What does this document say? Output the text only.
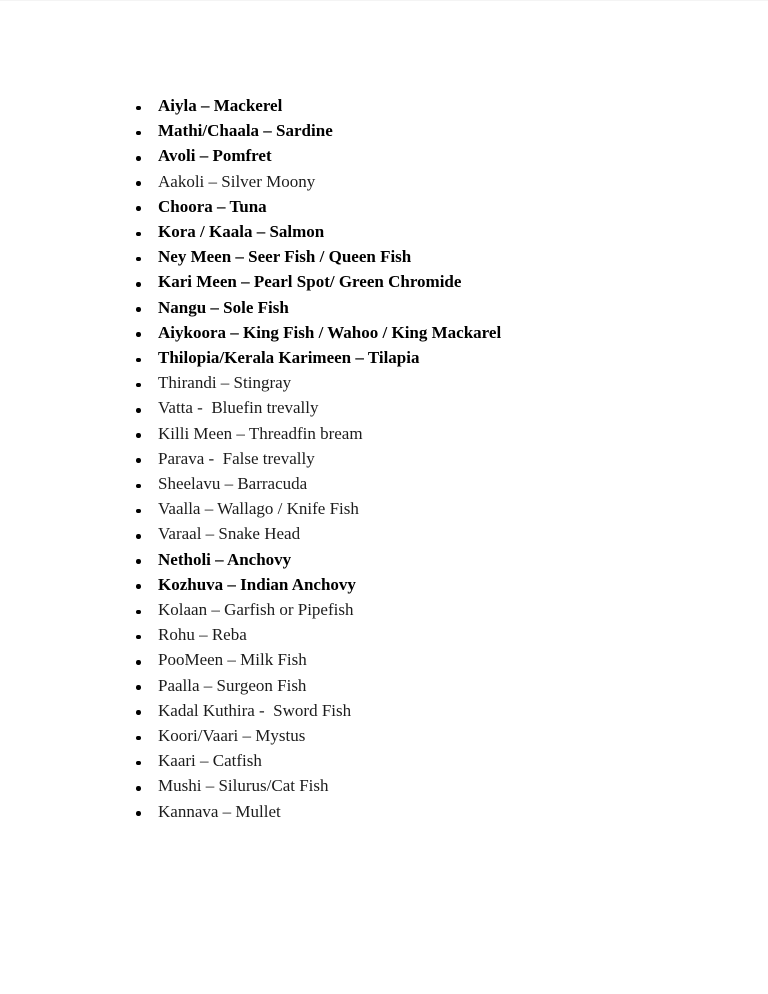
Aiyla – Mackerel
Mathi/Chaala – Sardine
Avoli – Pomfret
Aakoli – Silver Moony
Choora – Tuna
Kora / Kaala – Salmon
Ney Meen – Seer Fish / Queen Fish
Kari Meen – Pearl Spot/ Green Chromide
Nangu – Sole Fish
Aiykoora – King Fish / Wahoo / King Mackarel
Thilopia/Kerala Karimeen – Tilapia
Thirandi – Stingray
Vatta -  Bluefin trevally
Killi Meen – Threadfin bream
Parava -  False trevally
Sheelavu – Barracuda
Vaalla – Wallago / Knife Fish
Varaal – Snake Head
Netholi – Anchovy
Kozhuva – Indian Anchovy
Kolaan – Garfish or Pipefish
Rohu – Reba
PooMeen – Milk Fish
Paalla – Surgeon Fish
Kadal Kuthira -  Sword Fish
Koori/Vaari – Mystus
Kaari – Catfish
Mushi – Silurus/Cat Fish
Kannava – Mullet
